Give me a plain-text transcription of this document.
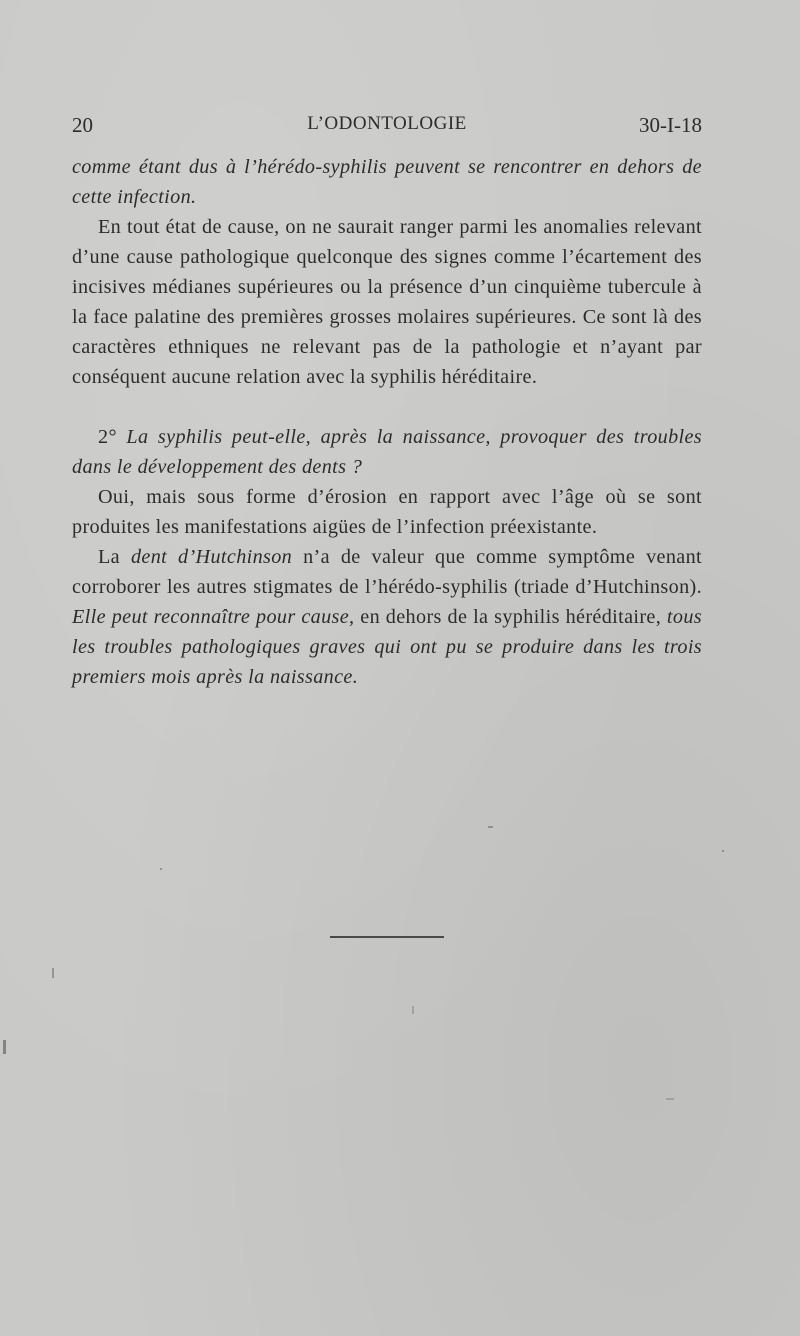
20	L’ODONTOLOGIE	30-I-18

comme étant dus à l’hérédo-syphilis peuvent se rencontrer en dehors de cette infection.

En tout état de cause, on ne saurait ranger parmi les anomalies relevant d’une cause pathologique quelconque des signes comme l’écartement des incisives médianes supérieures ou la présence d’un cinquième tubercule à la face palatine des premières grosses molaires supérieures. Ce sont là des caractères ethniques ne relevant pas de la pathologie et n’ayant par conséquent aucune relation avec la syphilis héréditaire.

2° La syphilis peut-elle, après la naissance, provoquer des troubles dans le développement des dents ?

Oui, mais sous forme d’érosion en rapport avec l’âge où se sont produites les manifestations aigües de l’infection préexistante.

La dent d’Hutchinson n’a de valeur que comme symptôme venant corroborer les autres stigmates de l’hérédo-syphilis (triade d’Hutchinson). Elle peut reconnaître pour cause, en dehors de la syphilis héréditaire, tous les troubles pathologiques graves qui ont pu se produire dans les trois premiers mois après la naissance.
